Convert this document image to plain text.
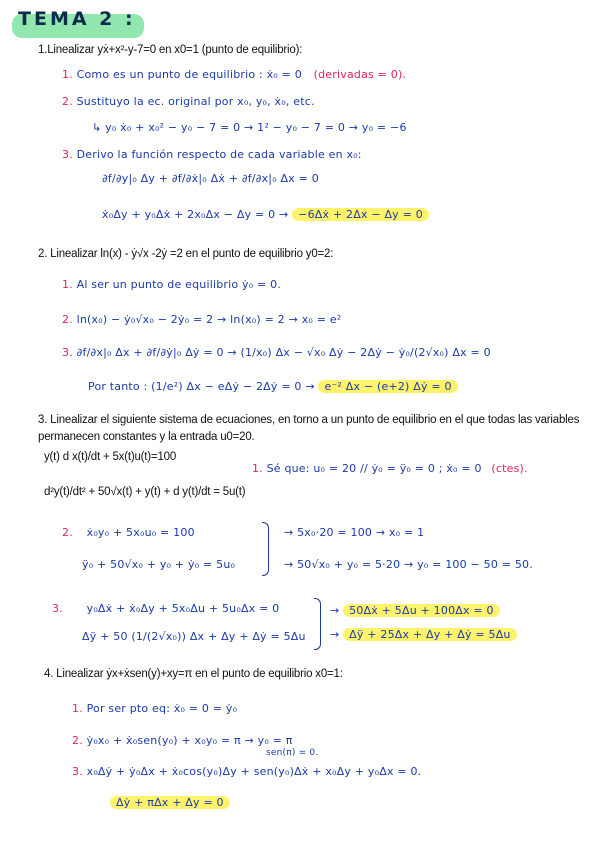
TEMA 2 :
1.Linealizar yẋ+x²-y-7=0 en x0=1 (punto de equilibrio):
1. Como es un punto de equilibrio : ẋ₀ = 0 (derivadas = 0).
2. Sustituyo la ec. original por x₀, y₀, ẋ₀, etc.
↳ y₀ ẋ₀ + x₀² − y₀ − 7 = 0 → 1² − y₀ − 7 = 0 → y₀ = −6
3. Derivo la función respecto de cada variable en x₀:
∂f/∂y|₀ Δy + ∂f/∂ẋ|₀ Δẋ + ∂f/∂x|₀ Δx = 0
ẋ₀Δy + y₀Δẋ + 2x₀Δx − Δy = 0 → −6Δẋ + 2Δx − Δy = 0
2. Linealizar ln(x) - ẏ√x -2ẏ =2 en el punto de equilibrio y0=2:
1. Al ser un punto de equilibrio ẏ₀ = 0.
2. ln(x₀) − ẏ₀√x₀ − 2ẏ₀ = 2 → ln(x₀) = 2 → x₀ = e²
3. ∂f/∂x|₀ Δx + ∂f/∂ẏ|₀ Δẏ = 0 → (1/x₀) Δx − √x₀ Δẏ − 2Δẏ − ẏ₀/(2√x₀) Δx = 0
Por tanto : (1/e²) Δx − eΔẏ − 2Δẏ = 0 → e⁻² Δx − (e+2) Δẏ = 0
3. Linealizar el siguiente sistema de ecuaciones, en torno a un punto de equilibrio en el que todas las variables
permanecen constantes y la entrada u0=20.
y(t) d x(t)/dt + 5x(t)u(t)=100
1. Sé que: u₀ = 20 // ẏ₀ = ÿ₀ = 0 ; ẋ₀ = 0 (ctes).
d²y(t)/dt² + 50√x(t) + y(t) + d y(t)/dt = 5u(t)
2. ẋ₀y₀ + 5x₀u₀ = 100	→ 5x₀·20 = 100 → x₀ = 1
ÿ₀ + 50√x₀ + y₀ + ẏ₀ = 5u₀	→ 50√x₀ + y₀ = 5·20 → y₀ = 100 − 50 = 50.
3. y₀Δẋ + ẋ₀Δy + 5x₀Δu + 5u₀Δx = 0	→ 50Δẋ + 5Δu + 100Δx = 0
Δÿ + 50 (1/(2√x₀)) Δx + Δy + Δẏ = 5Δu → Δÿ + 25Δx + Δy + Δẏ = 5Δu
4. Linealizar ẏx+ẋsen(y)+xy=π en el punto de equilibrio x0=1:
1. Por ser pto eq: ẋ₀ = 0 = ẏ₀
2. ẏ₀x₀ + ẋ₀sen(y₀) + x₀y₀ = π → y₀ = π
sen(π) = 0.
3. x₀Δẏ + ẏ₀Δx + ẋ₀cos(y₀)Δy + sen(y₀)Δẋ + x₀Δy + y₀Δx = 0.
Δẏ + πΔx + Δy = 0
